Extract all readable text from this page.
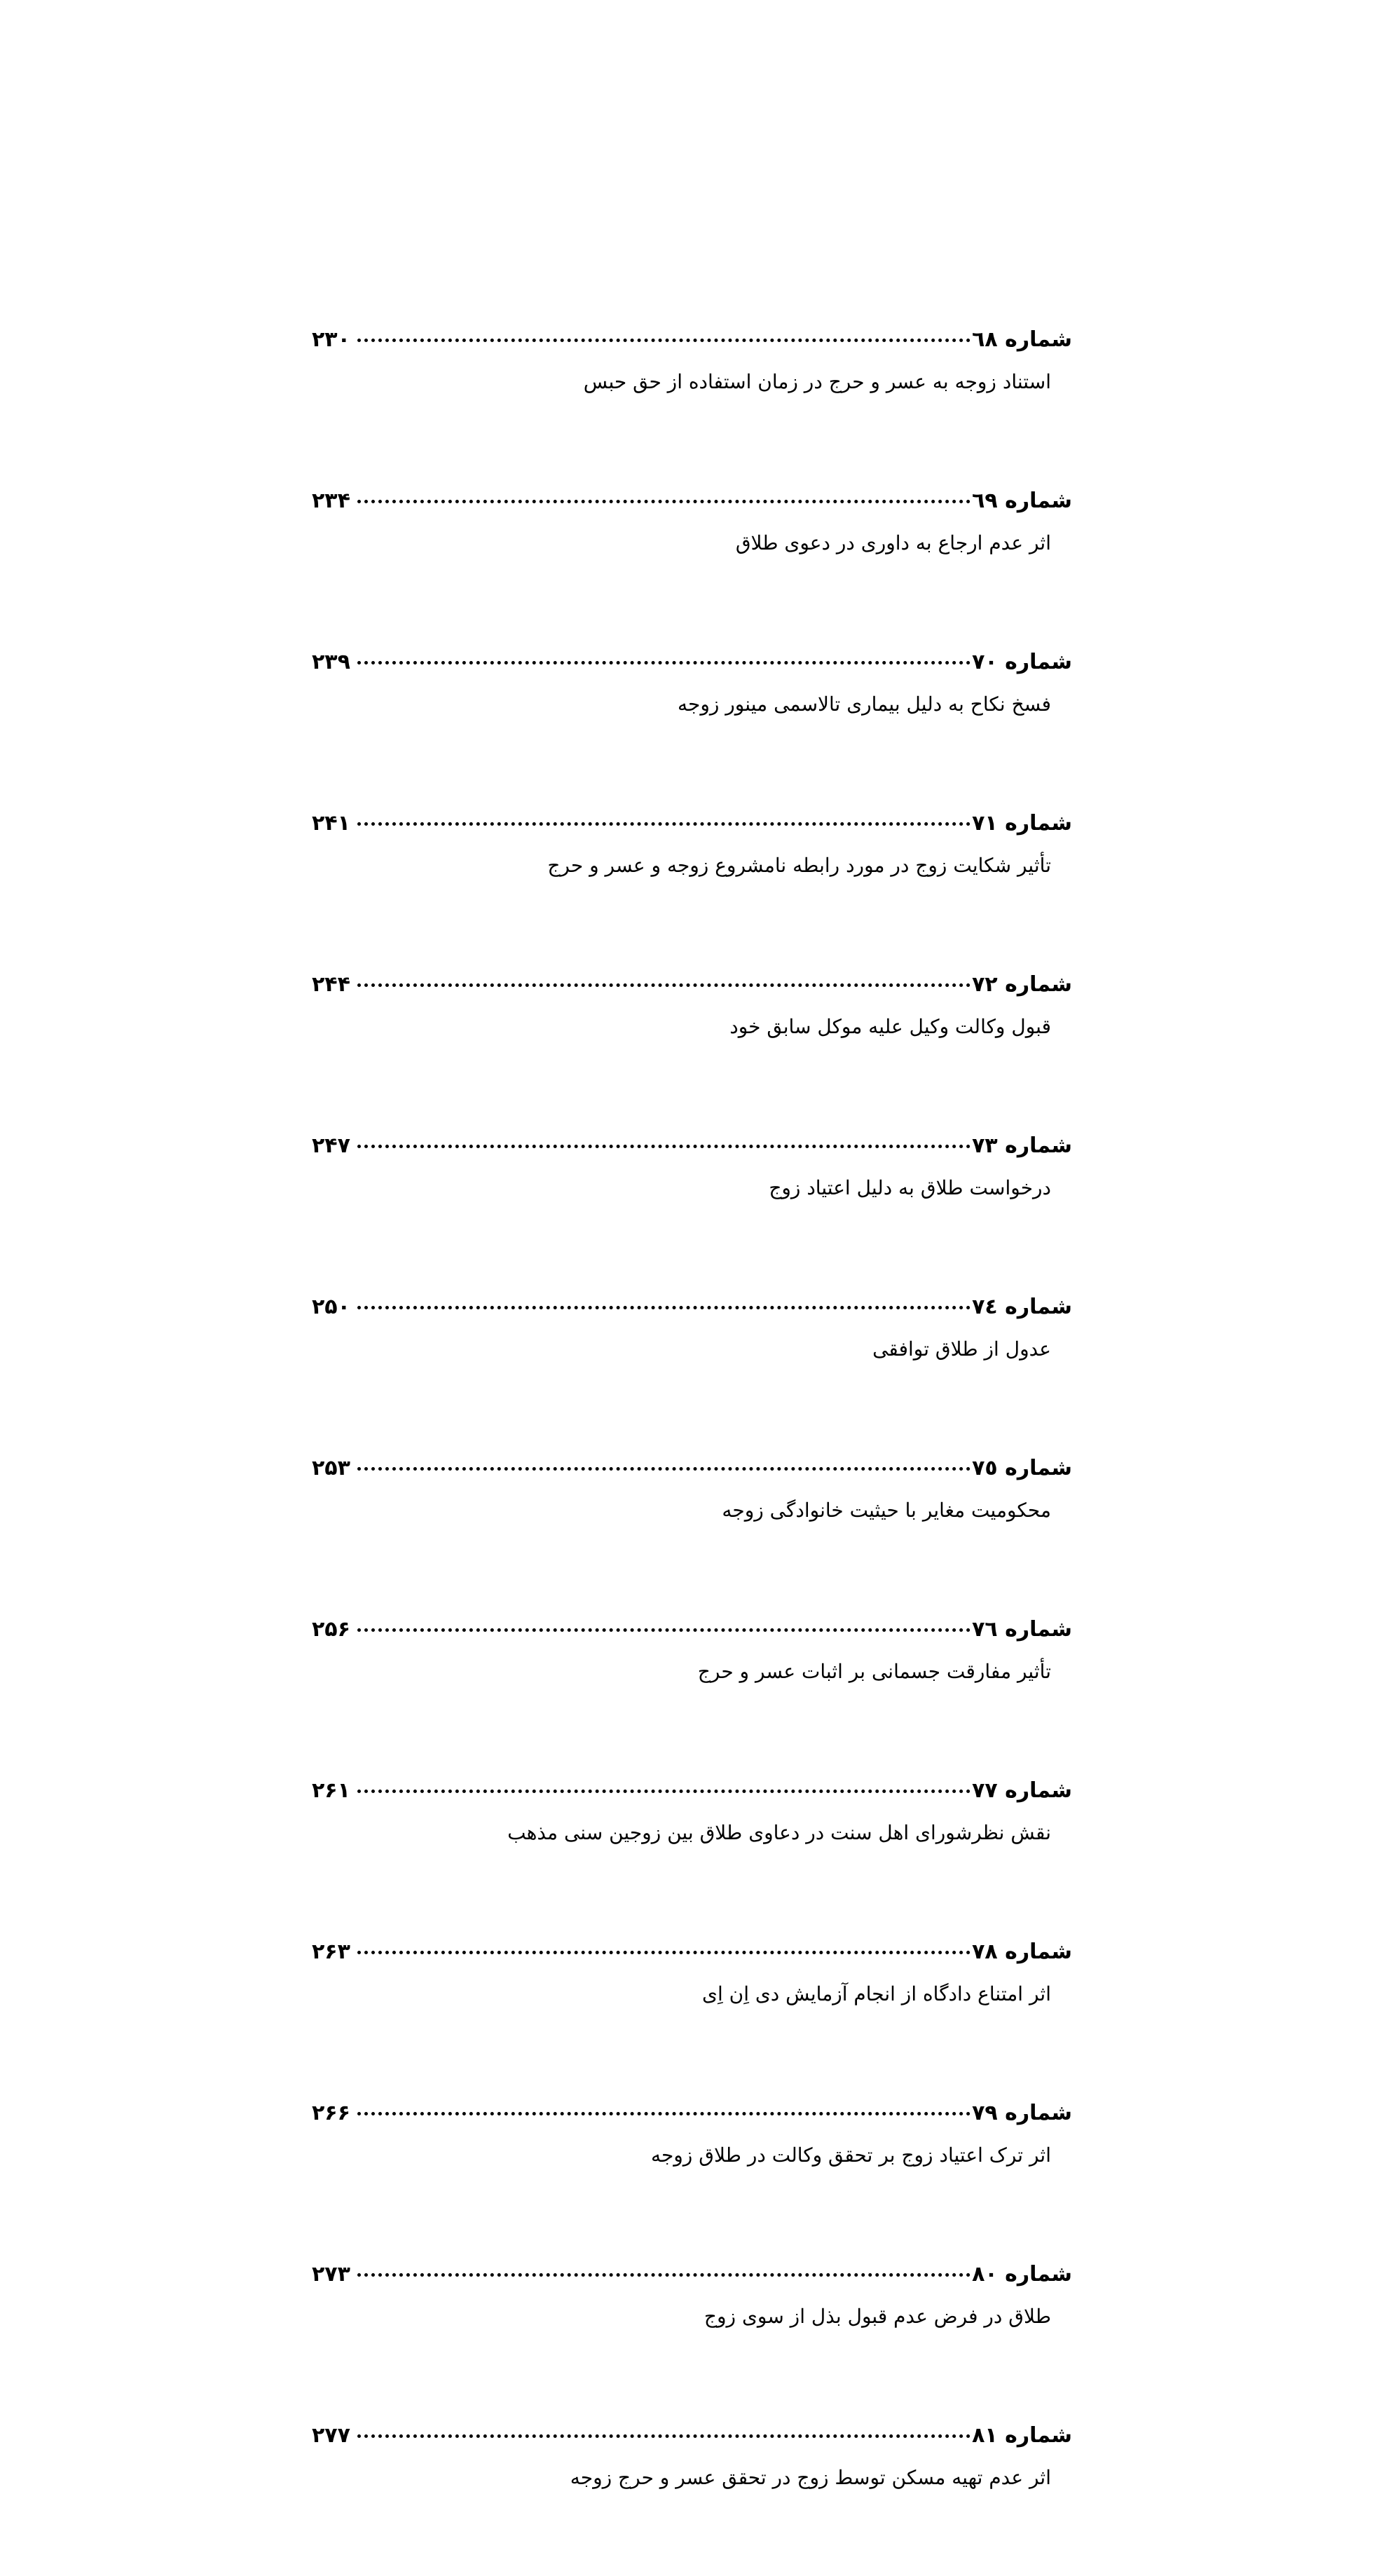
شماره ٦٨
۲۳۰
استناد زوجه به عسر و حرج در زمان استفاده از حق حبس
شماره ٦٩
۲۳۴
اثر عدم ارجاع به داوری در دعوی طلاق
شماره ٧٠
۲۳۹
فسخ نکاح به دلیل بیماری تالاسمی مینور زوجه
شماره ٧١
۲۴۱
تأثیر شکایت زوج در مورد رابطه نامشروع زوجه و عسر و حرج
شماره ٧٢
۲۴۴
قبول وکالت وکیل علیه موکل سابق خود
شماره ٧٣
۲۴۷
درخواست طلاق به دلیل اعتیاد زوج
شماره ٧٤
۲۵۰
عدول از طلاق توافقی
شماره ٧٥
۲۵۳
محکومیت مغایر با حیثیت خانوادگی زوجه
شماره ٧٦
۲۵۶
تأثیر مفارقت جسمانی بر اثبات عسر و حرج
شماره ٧٧
۲۶۱
نقش نظرشورای اهل سنت در دعاوی طلاق بین زوجین سنی مذهب
شماره ٧٨
۲۶۳
اثر امتناع دادگاه از انجام آزمایش دی اِن اِی
شماره ٧٩
۲۶۶
اثر ترک اعتیاد زوج بر تحقق وکالت در طلاق زوجه
شماره ٨٠
۲۷۳
طلاق در فرض عدم قبول بذل از سوی زوج
شماره ٨١
۲۷۷
اثر عدم تهیه مسکن توسط زوج در تحقق عسر و حرج زوجه
